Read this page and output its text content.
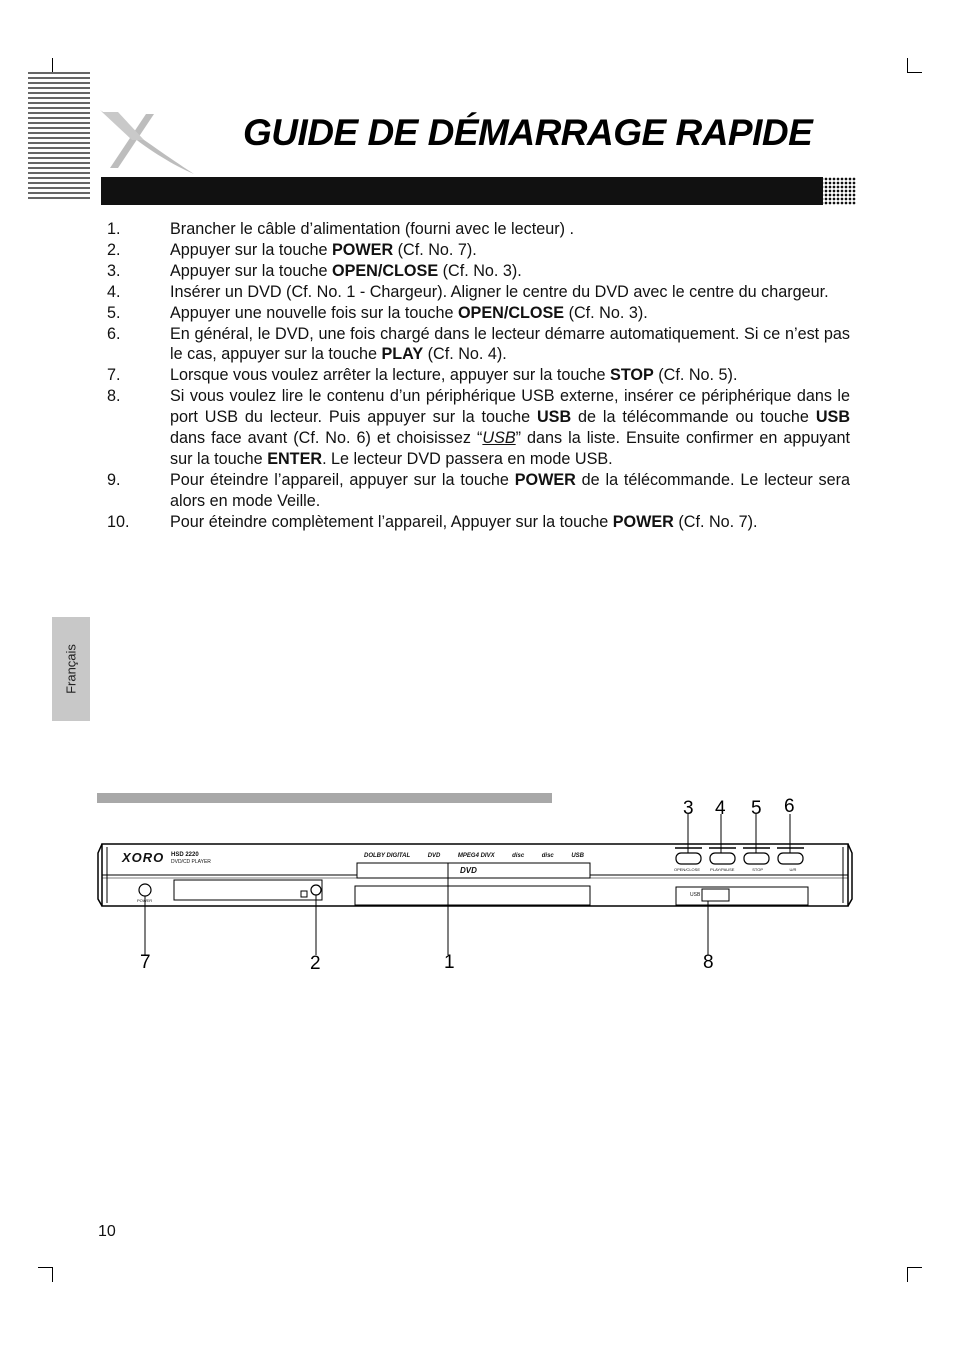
GUIDE DE DÉMARRAGE RAPIDE
1.	Brancher le câble d’alimentation (fourni avec le lecteur) .
2.	Appuyer sur la touche POWER (Cf. No. 7).
3.	Appuyer sur la touche OPEN/CLOSE (Cf. No. 3).
4.	Insérer un DVD (Cf. No. 1 - Chargeur). Aligner le centre du DVD avec le centre du chargeur.
5.	Appuyer une nouvelle fois sur la touche OPEN/CLOSE (Cf. No. 3).
6.	En général, le DVD, une fois chargé dans le lecteur démarre automatiquement. Si ce n’est pas le cas, appuyer sur la touche PLAY (Cf. No. 4).
7.	Lorsque vous voulez arrêter la lecture, appuyer sur la touche STOP (Cf. No. 5).
8.	Si vous voulez lire le contenu d’un périphérique USB externe, insérer ce périphérique dans le port USB du lecteur. Puis appuyer sur la touche USB de la télécommande ou touche USB dans face avant (Cf. No. 6) et choisissez “USB” dans la liste. Ensuite confirmer en appuyant sur la touche ENTER. Le lecteur DVD passera en mode USB.
9.	Pour éteindre l’appareil, appuyer sur la touche POWER de la télécommande. Le lecteur sera alors en mode Veille.
10.	Pour éteindre complètement l’appareil, Appuyer sur la touche POWER (Cf. No. 7).
Français
XORO HSD 2220
DVD/CD PLAYER
DOLBY DIGITAL	DVD	MPEG4 DIVX	disc	disc	USB
DVD
POWER
USB
OPEN/CLOSE	PLAY/PAUSE	STOP	U/R
3 4 5 6
7	2	1	8
10
